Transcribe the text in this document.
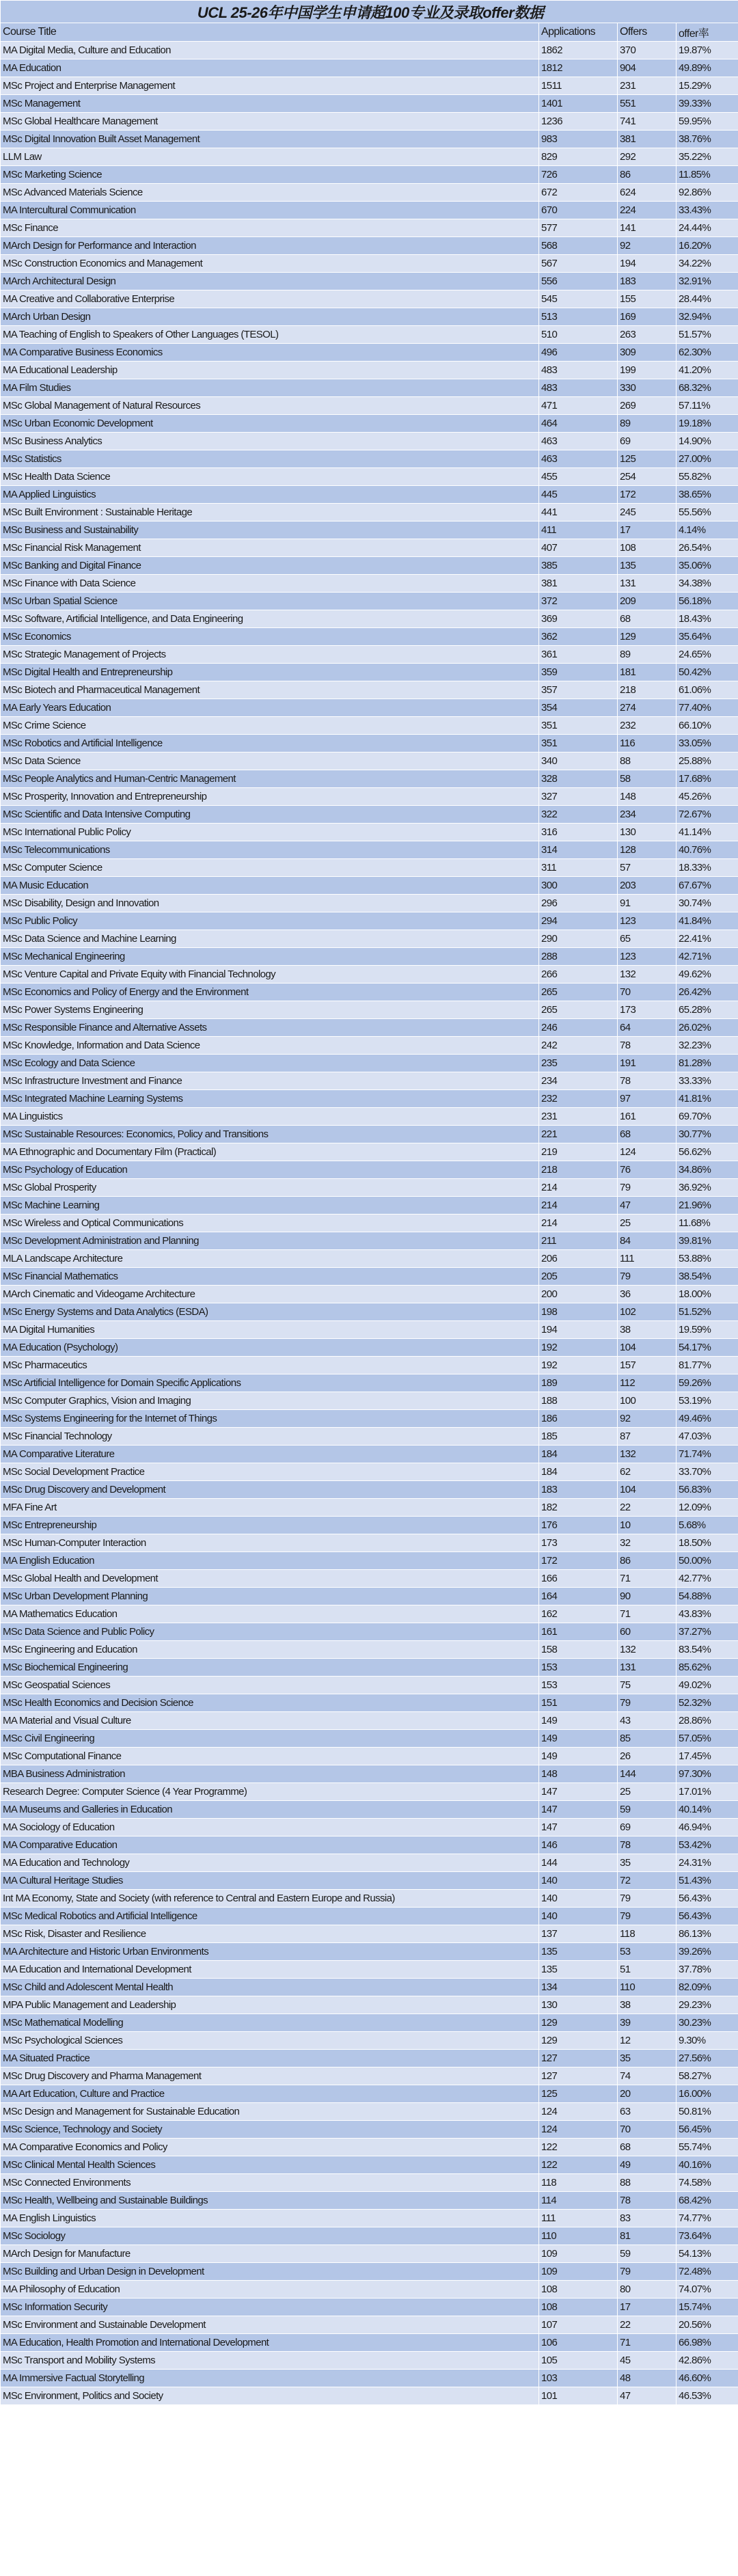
UCL 25-26年中国学生申请超100专业及录取offer数据			
Course Title	Applications	Offers	offer率
MA Digital Media, Culture and Education	1862	370	19.87%
MA Education	1812	904	49.89%
MSc Project and Enterprise Management	1511	231	15.29%
MSc Management	1401	551	39.33%
MSc Global Healthcare Management	1236	741	59.95%
MSc Digital Innovation Built Asset Management	983	381	38.76%
LLM Law	829	292	35.22%
MSc Marketing Science	726	86	11.85%
MSc Advanced Materials Science	672	624	92.86%
MA Intercultural Communication	670	224	33.43%
MSc Finance	577	141	24.44%
MArch Design for Performance and Interaction	568	92	16.20%
MSc Construction Economics and Management	567	194	34.22%
MArch Architectural Design	556	183	32.91%
MA Creative and Collaborative Enterprise	545	155	28.44%
MArch Urban Design	513	169	32.94%
MA Teaching of English to Speakers of Other Languages (TESOL)	510	263	51.57%
MA Comparative Business Economics	496	309	62.30%
MA Educational Leadership	483	199	41.20%
MA Film Studies	483	330	68.32%
MSc Global Management of Natural Resources	471	269	57.11%
MSc Urban Economic Development	464	89	19.18%
MSc Business Analytics	463	69	14.90%
MSc Statistics	463	125	27.00%
MSc Health Data Science	455	254	55.82%
MA Applied Linguistics	445	172	38.65%
MSc Built Environment : Sustainable Heritage	441	245	55.56%
MSc Business and Sustainability	411	17	4.14%
MSc Financial Risk Management	407	108	26.54%
MSc Banking and Digital Finance	385	135	35.06%
MSc Finance with Data Science	381	131	34.38%
MSc Urban Spatial Science	372	209	56.18%
MSc Software, Artificial Intelligence, and Data Engineering	369	68	18.43%
MSc Economics	362	129	35.64%
MSc Strategic Management of Projects	361	89	24.65%
MSc Digital Health and Entrepreneurship	359	181	50.42%
MSc Biotech and Pharmaceutical Management	357	218	61.06%
MA Early Years Education	354	274	77.40%
MSc Crime Science	351	232	66.10%
MSc Robotics and Artificial Intelligence	351	116	33.05%
MSc Data Science	340	88	25.88%
MSc People Analytics and Human-Centric Management	328	58	17.68%
MSc Prosperity, Innovation and Entrepreneurship	327	148	45.26%
MSc Scientific and Data Intensive Computing	322	234	72.67%
MSc International Public Policy	316	130	41.14%
MSc Telecommunications	314	128	40.76%
MSc Computer Science	311	57	18.33%
MA Music Education	300	203	67.67%
MSc Disability, Design and Innovation	296	91	30.74%
MSc Public Policy	294	123	41.84%
MSc Data Science and Machine Learning	290	65	22.41%
MSc Mechanical Engineering	288	123	42.71%
MSc Venture Capital and Private Equity with Financial Technology	266	132	49.62%
MSc Economics and Policy of Energy and the Environment	265	70	26.42%
MSc Power Systems Engineering	265	173	65.28%
MSc Responsible Finance and Alternative Assets	246	64	26.02%
MSc Knowledge, Information and Data Science	242	78	32.23%
MSc Ecology and Data Science	235	191	81.28%
MSc Infrastructure Investment and Finance	234	78	33.33%
MSc Integrated Machine Learning Systems	232	97	41.81%
MA Linguistics	231	161	69.70%
MSc Sustainable Resources: Economics, Policy and Transitions	221	68	30.77%
MA Ethnographic and Documentary Film (Practical)	219	124	56.62%
MSc Psychology of Education	218	76	34.86%
MSc Global Prosperity	214	79	36.92%
MSc Machine Learning	214	47	21.96%
MSc Wireless and Optical Communications	214	25	11.68%
MSc Development Administration and Planning	211	84	39.81%
MLA Landscape Architecture	206	111	53.88%
MSc Financial Mathematics	205	79	38.54%
MArch Cinematic and Videogame Architecture	200	36	18.00%
MSc Energy Systems and Data Analytics (ESDA)	198	102	51.52%
MA Digital Humanities	194	38	19.59%
MA Education (Psychology)	192	104	54.17%
MSc Pharmaceutics	192	157	81.77%
MSc Artificial Intelligence for Domain Specific Applications	189	112	59.26%
MSc Computer Graphics, Vision and Imaging	188	100	53.19%
MSc Systems Engineering for the Internet of Things	186	92	49.46%
MSc Financial Technology	185	87	47.03%
MA Comparative Literature	184	132	71.74%
MSc Social Development Practice	184	62	33.70%
MSc Drug Discovery and Development	183	104	56.83%
MFA Fine Art	182	22	12.09%
MSc Entrepreneurship	176	10	5.68%
MSc Human-Computer Interaction	173	32	18.50%
MA English Education	172	86	50.00%
MSc Global Health and Development	166	71	42.77%
MSc Urban Development Planning	164	90	54.88%
MA Mathematics Education	162	71	43.83%
MSc Data Science and Public Policy	161	60	37.27%
MSc Engineering and Education	158	132	83.54%
MSc Biochemical Engineering	153	131	85.62%
MSc Geospatial Sciences	153	75	49.02%
MSc Health Economics and Decision Science	151	79	52.32%
MA Material and Visual Culture	149	43	28.86%
MSc Civil Engineering	149	85	57.05%
MSc Computational Finance	149	26	17.45%
MBA Business Administration	148	144	97.30%
Research Degree: Computer Science (4 Year Programme)	147	25	17.01%
MA Museums and Galleries in Education	147	59	40.14%
MA Sociology of Education	147	69	46.94%
MA Comparative Education	146	78	53.42%
MA Education and Technology	144	35	24.31%
MA Cultural Heritage Studies	140	72	51.43%
Int MA Economy, State and Society (with reference to Central and Eastern Europe and Russia)	140	79	56.43%
MSc Medical Robotics and Artificial Intelligence	140	79	56.43%
MSc Risk, Disaster and Resilience	137	118	86.13%
MA Architecture and Historic Urban Environments	135	53	39.26%
MA Education and International Development	135	51	37.78%
MSc Child and Adolescent Mental Health	134	110	82.09%
MPA Public Management and Leadership	130	38	29.23%
MSc Mathematical Modelling	129	39	30.23%
MSc Psychological Sciences	129	12	9.30%
MA Situated Practice	127	35	27.56%
MSc Drug Discovery and Pharma Management	127	74	58.27%
MA Art Education, Culture and Practice	125	20	16.00%
MSc Design and Management for Sustainable Education	124	63	50.81%
MSc Science, Technology and Society	124	70	56.45%
MA Comparative Economics and Policy	122	68	55.74%
MSc Clinical Mental Health Sciences	122	49	40.16%
MSc Connected Environments	118	88	74.58%
MSc Health, Wellbeing and Sustainable Buildings	114	78	68.42%
MA English Linguistics	111	83	74.77%
MSc Sociology	110	81	73.64%
MArch Design for Manufacture	109	59	54.13%
MSc Building and Urban Design in Development	109	79	72.48%
MA Philosophy of Education	108	80	74.07%
MSc Information Security	108	17	15.74%
MSc Environment and Sustainable Development	107	22	20.56%
MA Education, Health Promotion and International Development	106	71	66.98%
MSc Transport and Mobility Systems	105	45	42.86%
MA Immersive Factual Storytelling	103	48	46.60%
MSc Environment, Politics and Society	101	47	46.53%
